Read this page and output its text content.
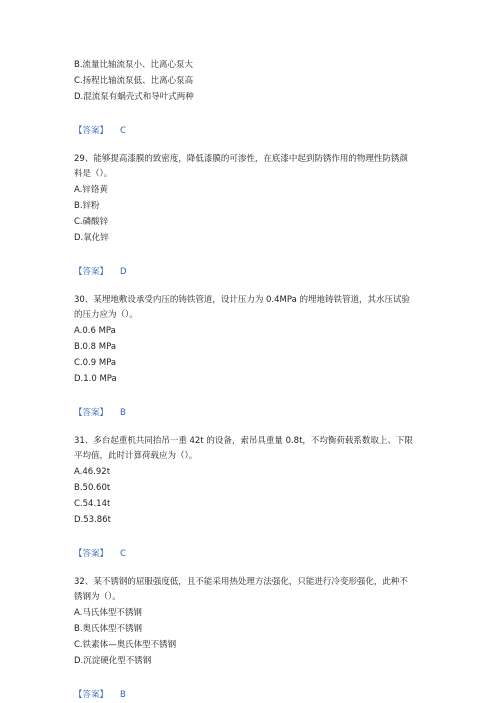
B.流量比轴流泵小、比离心泵大
C.扬程比轴流泵低、比离心泵高
D.混流泵有蜗壳式和导叶式两种
【答案】 C
29、能够提高漆膜的致密度，降低漆膜的可渗性，在底漆中起到防锈作用的物理性防锈颜
料是（）。
A.锌铬黄
B.锌粉
C.磷酸锌
D.氧化锌
【答案】 D
30、某埋地敷设承受内压的铸铁管道，设计压力为 0.4MPa 的埋地铸铁管道，其水压试验
的压力应为（）。
A.0.6 MPa
B.0.8 MPa
C.0.9 MPa
D.1.0 MPa
【答案】 B
31、多台起重机共同抬吊一重 42t 的设备，索吊具重量 0.8t，不均衡荷载系数取上、下限
平均值，此时计算荷载应为（）。
A.46.92t
B.50.60t
C.54.14t
D.53.86t
【答案】 C
32、某不锈钢的屈服强度低，且不能采用热处理方法强化，只能进行冷变形强化，此种不
锈钢为（）。
A.马氏体型不锈钢
B.奥氏体型不锈钢
C.铁素体—奥氏体型不锈钢
D.沉淀硬化型不锈钢
【答案】 B
